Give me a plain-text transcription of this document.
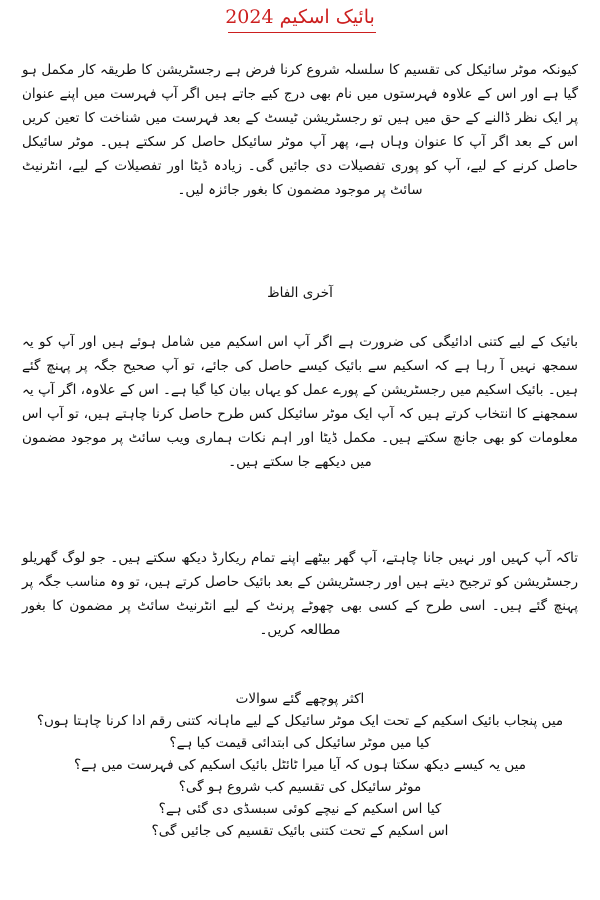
بائیک اسکیم 2024

کیونکہ موٹر سائیکل کی تقسیم کا سلسلہ شروع کرنا فرض ہے رجسٹریشن کا طریقہ کار مکمل ہو گیا ہے اور اس کے علاوہ فہرستوں میں نام بھی درج کیے جاتے ہیں اگر آپ فہرست میں اپنے عنوان پر ایک نظر ڈالنے کے حق میں ہیں تو رجسٹریشن ٹیسٹ کے بعد فہرست میں شناخت کا تعین کریں اس کے بعد اگر آپ کا عنوان وہاں ہے، پھر آپ موٹر سائیکل حاصل کر سکتے ہیں۔ موٹر سائیکل حاصل کرنے کے لیے، آپ کو پوری تفصیلات دی جائیں گی۔ زیادہ ڈیٹا اور تفصیلات کے لیے، انٹرنیٹ سائٹ پر موجود مضمون کا بغور جائزہ لیں۔

آخری الفاظ

بائیک کے لیے کتنی ادائیگی کی ضرورت ہے اگر آپ اس اسکیم میں شامل ہوئے ہیں اور آپ کو یہ سمجھ نہیں آ رہا ہے کہ اسکیم سے بائیک کیسے حاصل کی جائے، تو آپ صحیح جگہ پر پہنچ گئے ہیں۔ بائیک اسکیم میں رجسٹریشن کے پورے عمل کو یہاں بیان کیا گیا ہے۔ اس کے علاوہ، اگر آپ یہ سمجھنے کا انتخاب کرتے ہیں کہ آپ ایک موٹر سائیکل کس طرح حاصل کرنا چاہتے ہیں، تو آپ اس معلومات کو بھی جانچ سکتے ہیں۔ مکمل ڈیٹا اور اہم نکات ہماری ویب سائٹ پر موجود مضمون میں دیکھے جا سکتے ہیں۔

تاکہ آپ کہیں اور نہیں جانا چاہتے، آپ گھر بیٹھے اپنے تمام ریکارڈ دیکھ سکتے ہیں۔ جو لوگ گھریلو رجسٹریشن کو ترجیح دیتے ہیں اور رجسٹریشن کے بعد بائیک حاصل کرتے ہیں، تو وہ مناسب جگہ پر پہنچ گئے ہیں۔ اسی طرح کے کسی بھی چھوٹے پرنٹ کے لیے انٹرنیٹ سائٹ پر مضمون کا بغور مطالعہ کریں۔

اکثر پوچھے گئے سوالات
میں پنجاب بائیک اسکیم کے تحت ایک موٹر سائیکل کے لیے ماہانہ کتنی رقم ادا کرنا چاہتا ہوں؟
کیا میں موٹر سائیکل کی ابتدائی قیمت کیا ہے؟
میں یہ کیسے دیکھ سکتا ہوں کہ آیا میرا ٹائٹل بائیک اسکیم کی فہرست میں ہے؟
موٹر سائیکل کی تقسیم کب شروع ہو گی؟
کیا اس اسکیم کے نیچے کوئی سبسڈی دی گئی ہے؟
اس اسکیم کے تحت کتنی بائیک تقسیم کی جائیں گی؟
